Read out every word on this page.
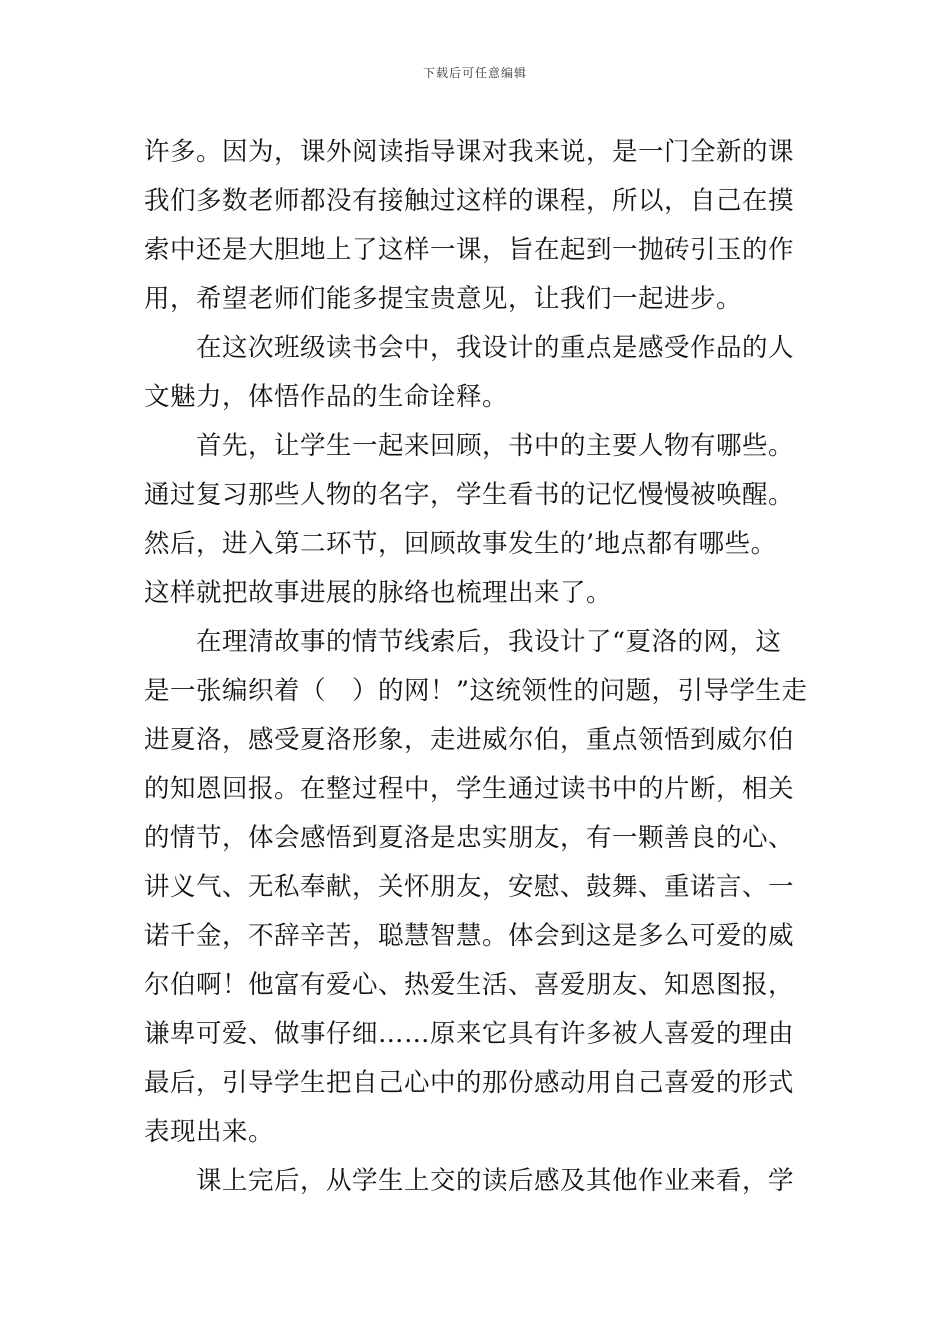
下载后可任意编辑
许多。因为，课外阅读指导课对我来说，是一门全新的课
我们多数老师都没有接触过这样的课程，所以，自己在摸
索中还是大胆地上了这样一课，旨在起到一抛砖引玉的作
用，希望老师们能多提宝贵意见，让我们一起进步。
在这次班级读书会中，我设计的重点是感受作品的人
文魅力，体悟作品的生命诠释。
首先，让学生一起来回顾，书中的主要人物有哪些。
通过复习那些人物的名字，学生看书的记忆慢慢被唤醒。
然后，进入第二环节，回顾故事发生的’地点都有哪些。
这样就把故事进展的脉络也梳理出来了。
在理清故事的情节线索后，我设计了“夏洛的网，这
是一张编织着（　）的网！”这统领性的问题，引导学生走
进夏洛，感受夏洛形象，走进威尔伯，重点领悟到威尔伯
的知恩回报。在整过程中，学生通过读书中的片断，相关
的情节，体会感悟到夏洛是忠实朋友，有一颗善良的心、
讲义气、无私奉献，关怀朋友，安慰、鼓舞、重诺言、一
诺千金，不辞辛苦，聪慧智慧。体会到这是多么可爱的威
尔伯啊！他富有爱心、热爱生活、喜爱朋友、知恩图报，
谦卑可爱、做事仔细……原来它具有许多被人喜爱的理由
最后，引导学生把自己心中的那份感动用自己喜爱的形式
表现出来。
课上完后，从学生上交的读后感及其他作业来看，学
